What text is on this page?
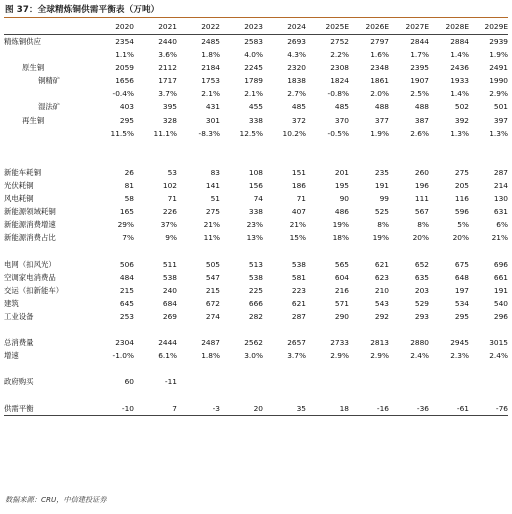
图 37：全球精炼铜供需平衡表（万吨）
	2020	2021	2022	2023	2024	2025E	2026E	2027E	2028E	2029E
精炼铜供应	2354	2440	2485	2583	2693	2752	2797	2844	2884	2939
	1.1%	3.6%	1.8%	4.0%	4.3%	2.2%	1.6%	1.7%	1.4%	1.9%
原生铜	2059	2112	2184	2245	2320	2308	2348	2395	2436	2491
铜精矿	1656	1717	1753	1789	1838	1824	1861	1907	1933	1990
	-0.4%	3.7%	2.1%	2.1%	2.7%	-0.8%	2.0%	2.5%	1.4%	2.9%
湿法矿	403	395	431	455	485	485	488	488	502	501
再生铜	295	328	301	338	372	370	377	387	392	397
	11.5%	11.1%	-8.3%	12.5%	10.2%	-0.5%	1.9%	2.6%	1.3%	1.3%

新能车耗铜	26	53	83	108	151	201	235	260	275	287
光伏耗铜	81	102	141	156	186	195	191	196	205	214
风电耗铜	58	71	51	74	71	90	99	111	116	130
新能源领域耗铜	165	226	275	338	407	486	525	567	596	631
新能源消费增速	29%	37%	21%	23%	21%	19%	8%	8%	5%	6%
新能源消费占比	7%	9%	11%	13%	15%	18%	19%	20%	20%	21%

电网（扣风光）	506	511	505	513	538	565	621	652	675	696
空调家电消费品	484	538	547	538	581	604	623	635	648	661
交运（扣新能车）	215	240	215	225	223	216	210	203	197	191
建筑	645	684	672	666	621	571	543	529	534	540
工业设备	253	269	274	282	287	290	292	293	295	296

总消费量	2304	2444	2487	2562	2657	2733	2813	2880	2945	3015
增速	-1.0%	6.1%	1.8%	3.0%	3.7%	2.9%	2.9%	2.4%	2.3%	2.4%

政府购买	60	-11								

供需平衡	-10	7	-3	20	35	18	-16	-36	-61	-76
数据来源：CRU，中信建投证券
